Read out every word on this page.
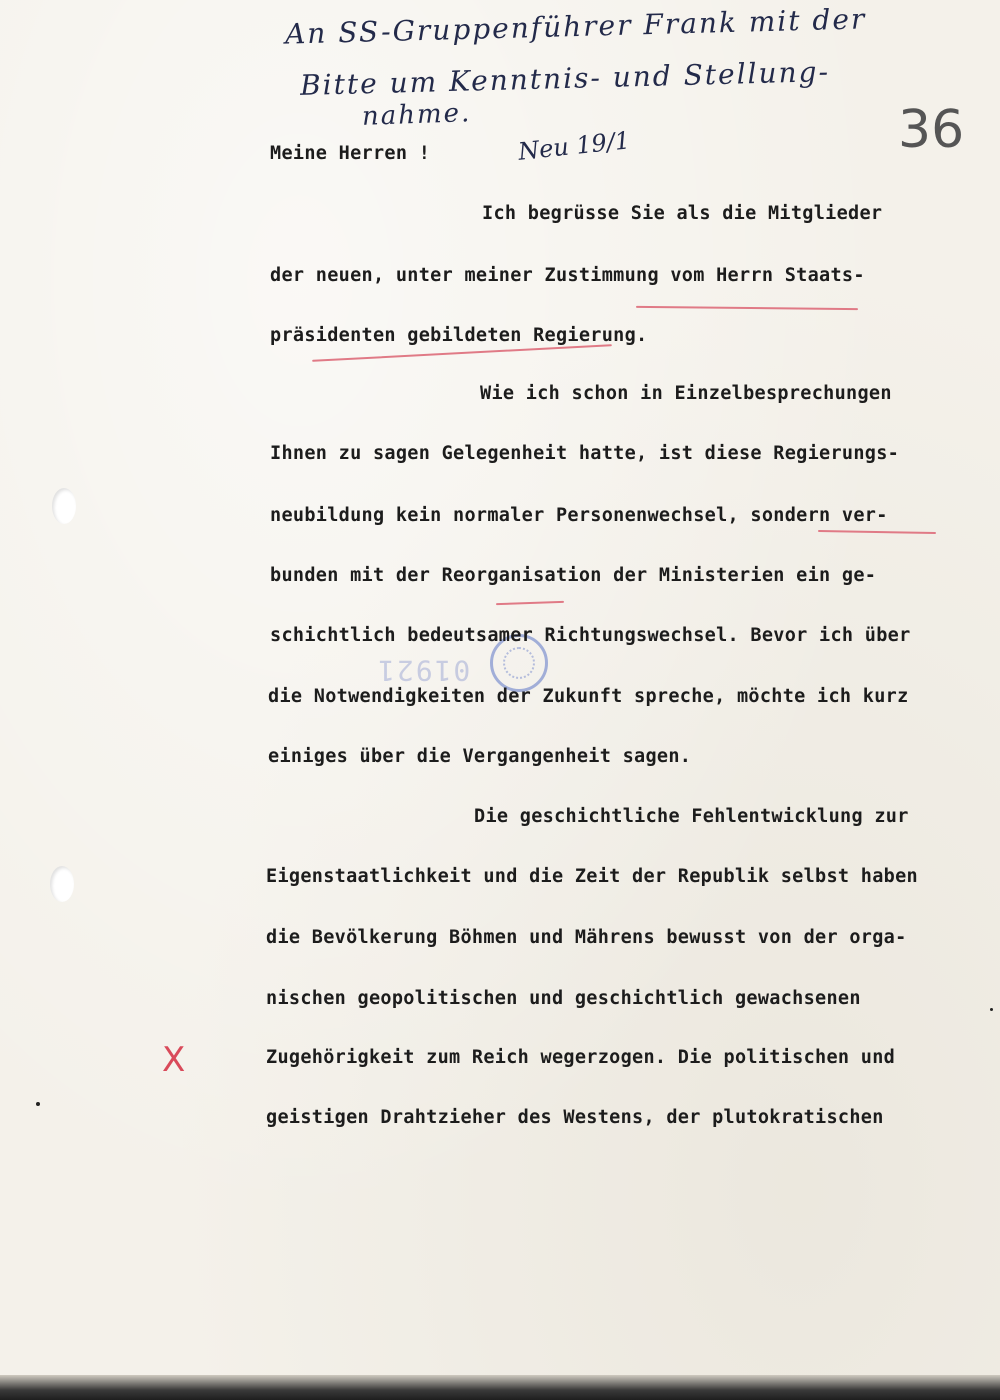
An SS-Gruppenführer Frank mit der
Bitte um Kenntnis- und Stellung-
nahme.
Neu 19/1	36
X
01921
Meine Herren !
Ich begrüsse Sie als die Mitglieder
der neuen, unter meiner Zustimmung vom Herrn Staats-
präsidenten gebildeten Regierung.
Wie ich schon in Einzelbesprechungen
Ihnen zu sagen Gelegenheit hatte, ist diese Regierungs-
neubildung kein normaler Personenwechsel, sondern ver-
bunden mit der Reorganisation der Ministerien ein ge-
schichtlich bedeutsamer Richtungswechsel. Bevor ich über
die Notwendigkeiten der Zukunft spreche, möchte ich kurz
einiges über die Vergangenheit sagen.
Die geschichtliche Fehlentwicklung zur
Eigenstaatlichkeit und die Zeit der Republik selbst haben
die Bevölkerung Böhmen und Mährens bewusst von der orga-
nischen geopolitischen und geschichtlich gewachsenen
Zugehörigkeit zum Reich wegerzogen. Die politischen und
geistigen Drahtzieher des Westens, der plutokratischen
